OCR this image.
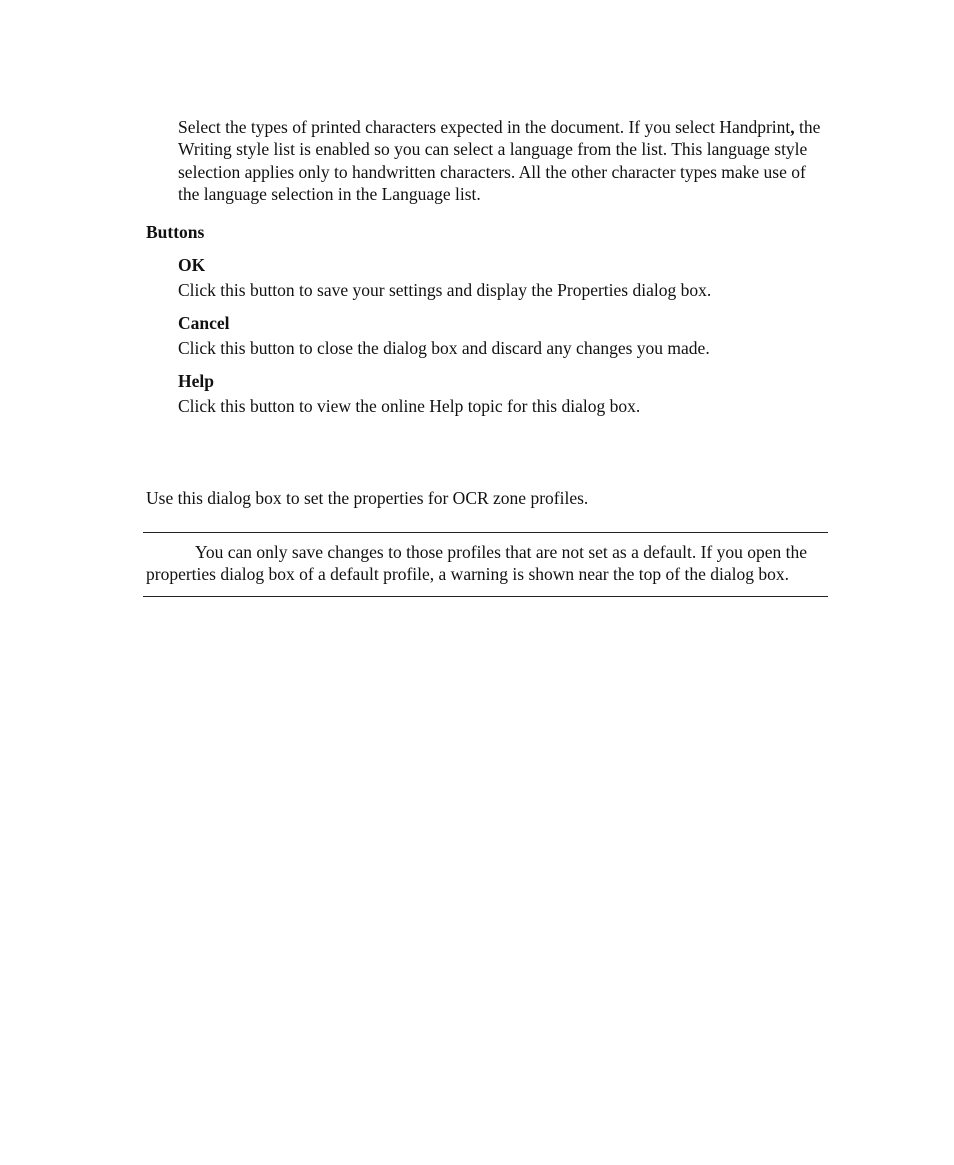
Select the types of printed characters expected in the document. If you select Handprint, the Writing style list is enabled so you can select a language from the list. This language style selection applies only to handwritten characters. All the other character types make use of the language selection in the Language list.

Buttons

OK

Click this button to save your settings and display the Properties dialog box.

Cancel

Click this button to close the dialog box and discard any changes you made.

Help

Click this button to view the online Help topic for this dialog box.

Use this dialog box to set the properties for OCR zone profiles.

You can only save changes to those profiles that are not set as a default. If you open the properties dialog box of a default profile, a warning is shown near the top of the dialog box.
